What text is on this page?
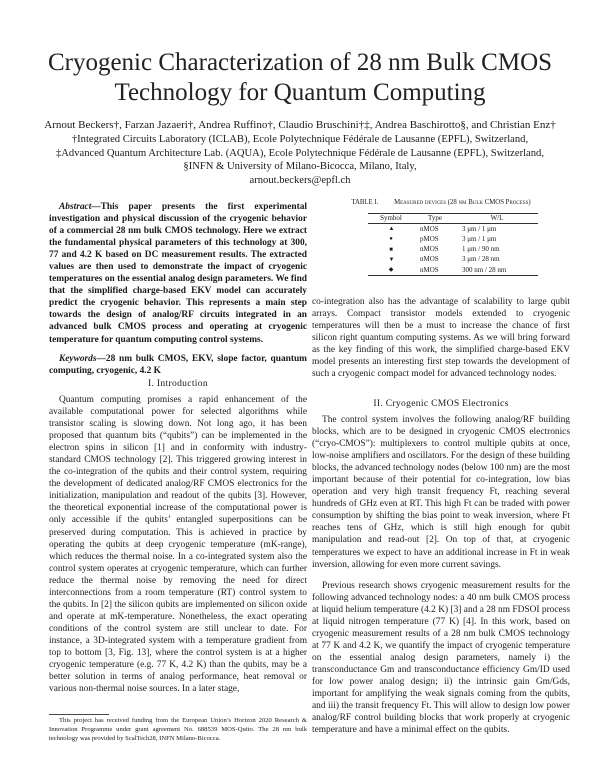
Cryogenic Characterization of 28 nm Bulk CMOS
Technology for Quantum Computing
Arnout Beckers†, Farzan Jazaeri†, Andrea Ruffino†, Claudio Bruschini†‡, Andrea Baschirotto§, and Christian Enz†
†Integrated Circuits Laboratory (ICLAB), Ecole Polytechnique Fédérale de Lausanne (EPFL), Switzerland,
‡Advanced Quantum Architecture Lab. (AQUA), Ecole Polytechnique Fédérale de Lausanne (EPFL), Switzerland,
§INFN & University of Milano-Bicocca, Milano, Italy,
arnout.beckers@epfl.ch

Abstract—This paper presents the first experimental investigation and physical discussion of the cryogenic behavior of a commercial 28 nm bulk CMOS technology. Here we extract the fundamental physical parameters of this technology at 300, 77 and 4.2 K based on DC measurement results. The extracted values are then used to demonstrate the impact of cryogenic temperatures on the essential analog design parameters. We find that the simplified charge-based EKV model can accurately predict the cryogenic behavior. This represents a main step towards the design of analog/RF circuits integrated in an advanced bulk CMOS process and operating at cryogenic temperature for quantum computing control systems.

Keywords—28 nm bulk CMOS, EKV, slope factor, quantum computing, cryogenic, 4.2 K

I. Introduction

Quantum computing promises a rapid enhancement of the available computational power for selected algorithms while transistor scaling is slowing down. Not long ago, it has been proposed that quantum bits (“qubits”) can be implemented in the electron spins in silicon [1] and in conformity with industry-standard CMOS technology [2]. This triggered growing interest in the co-integration of the qubits and their control system, requiring the development of dedicated analog/RF CMOS electronics for the initialization, manipulation and readout of the qubits [3]. However, the theoretical exponential increase of the computational power is only accessible if the qubits’ entangled superpositions can be preserved during computation. This is achieved in practice by operating the qubits at deep cryogenic temperature (mK-range), which reduces the thermal noise. In a co-integrated system also the control system operates at cryogenic temperature, which can further reduce the thermal noise by removing the need for direct interconnections from a room temperature (RT) control system to the qubits. In [2] the silicon qubits are implemented on silicon oxide and operate at mK-temperature. Nonetheless, the exact operating conditions of the control system are still unclear to date. For instance, a 3D-integrated system with a temperature gradient from top to bottom [3, Fig. 13], where the control system is at a higher cryogenic temperature (e.g. 77 K, 4.2 K) than the qubits, may be a better solution in terms of analog performance, heat removal or various non-thermal noise sources. In a later stage,

This project has received funding from the European Union’s Horizon 2020 Research & Innovation Programme under grant agreement No. 688539 MOS-Quito. The 28 nm bulk technology was provided by ScalTech28, INFN Milano-Bicocca.

TABLE I. Measured devices (28 nm Bulk CMOS Process)
Symbol	Type	W/L
▲	nMOS	3 μm / 1 μm
●	pMOS	3 μm / 1 μm
■	nMOS	1 μm / 90 nm
▼	nMOS	3 μm / 28 nm
◆	nMOS	300 nm / 28 nm

co-integration also has the advantage of scalability to large qubit arrays. Compact transistor models extended to cryogenic temperatures will then be a must to increase the chance of first silicon right quantum computing systems. As we will bring forward as the key finding of this work, the simplified charge-based EKV model presents an interesting first step towards the development of such a cryogenic compact model for advanced technology nodes.

II. Cryogenic CMOS Electronics

The control system involves the following analog/RF building blocks, which are to be designed in cryogenic CMOS electronics (“cryo-CMOS”): multiplexers to control multiple qubits at once, low-noise amplifiers and oscillators. For the design of these building blocks, the advanced technology nodes (below 100 nm) are the most important because of their potential for co-integration, low bias operation and very high transit frequency Ft, reaching several hundreds of GHz even at RT. This high Ft can be traded with power consumption by shifting the bias point to weak inversion, where Ft reaches tens of GHz, which is still high enough for qubit manipulation and read-out [2]. On top of that, at cryogenic temperatures we expect to have an additional increase in Ft in weak inversion, allowing for even more current savings.

Previous research shows cryogenic measurement results for the following advanced technology nodes: a 40 nm bulk CMOS process at liquid helium temperature (4.2 K) [3] and a 28 nm FDSOI process at liquid nitrogen temperature (77 K) [4]. In this work, based on cryogenic measurement results of a 28 nm bulk CMOS technology at 77 K and 4.2 K, we quantify the impact of cryogenic temperature on the essential analog design parameters, namely i) the transconductance Gm and transconductance efficiency Gm/ID used for low power analog design; ii) the intrinsic gain Gm/Gds, important for amplifying the weak signals coming from the qubits, and iii) the transit frequency Ft. This will allow to design low power analog/RF control building blocks that work properly at cryogenic temperature and have a minimal effect on the qubits.
